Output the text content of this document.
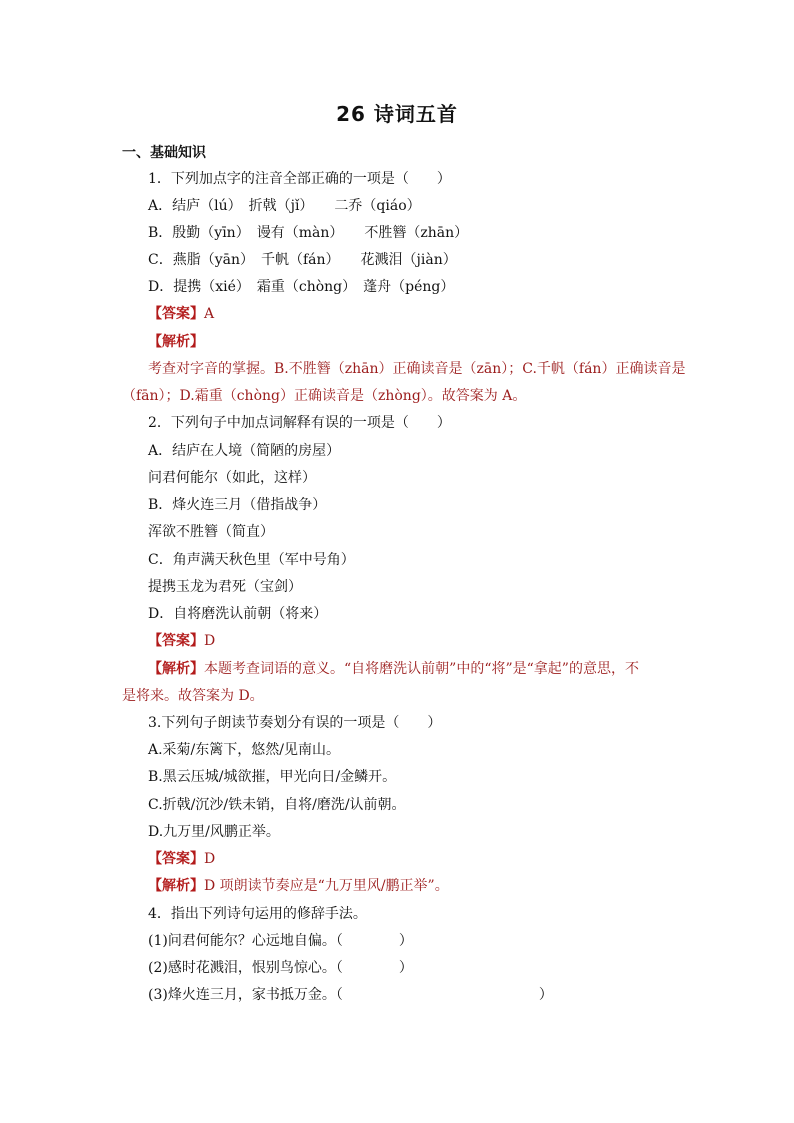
26 诗词五首
一、基础知识
1．下列加点字的注音全部正确的一项是（　　）
A．结庐（lú）　折戟（jǐ）　　二乔（qiáo）
B．殷勤（yīn）　谩有（màn）　　不胜簪（zhān）
C．燕脂（yān）　千帆（fán）　　花溅泪（jiàn）
D．提携（xié）　霜重（chòng）　蓬舟（péng）
【答案】A
【解析】
考查对字音的掌握。B.不胜簪（zhān）正确读音是（zān）；C.千帆（fán）正确读音是
（fān）；D.霜重（chòng）正确读音是（zhòng）。故答案为 A。
2．下列句子中加点词解释有误的一项是（　　）
A．结庐在人境（简陋的房屋）
问君何能尔（如此，这样）
B．烽火连三月（借指战争）
浑欲不胜簪（简直）
C．角声满天秋色里（军中号角）
提携玉龙为君死（宝剑）
D．自将磨洗认前朝（将来）
【答案】D
【解析】本题考查词语的意义。“自将磨洗认前朝”中的“将”是“拿起”的意思，不
是将来。故答案为 D。
3.下列句子朗读节奏划分有误的一项是（　　）
A.采菊/东篱下，悠然/见南山。
B.黑云压城/城欲摧，甲光向日/金鳞开。
C.折戟/沉沙/铁未销，自将/磨洗/认前朝。
D.九万里/风鹏正举。
【答案】D
【解析】D 项朗读节奏应是“九万里风/鹏正举”。
4．指出下列诗句运用的修辞手法。
(1)问君何能尔？心远地自偏。（　　　　）
(2)感时花溅泪，恨别鸟惊心。（　　　　）
(3)烽火连三月，家书抵万金。（　　　　　　　　　　　　　　）
